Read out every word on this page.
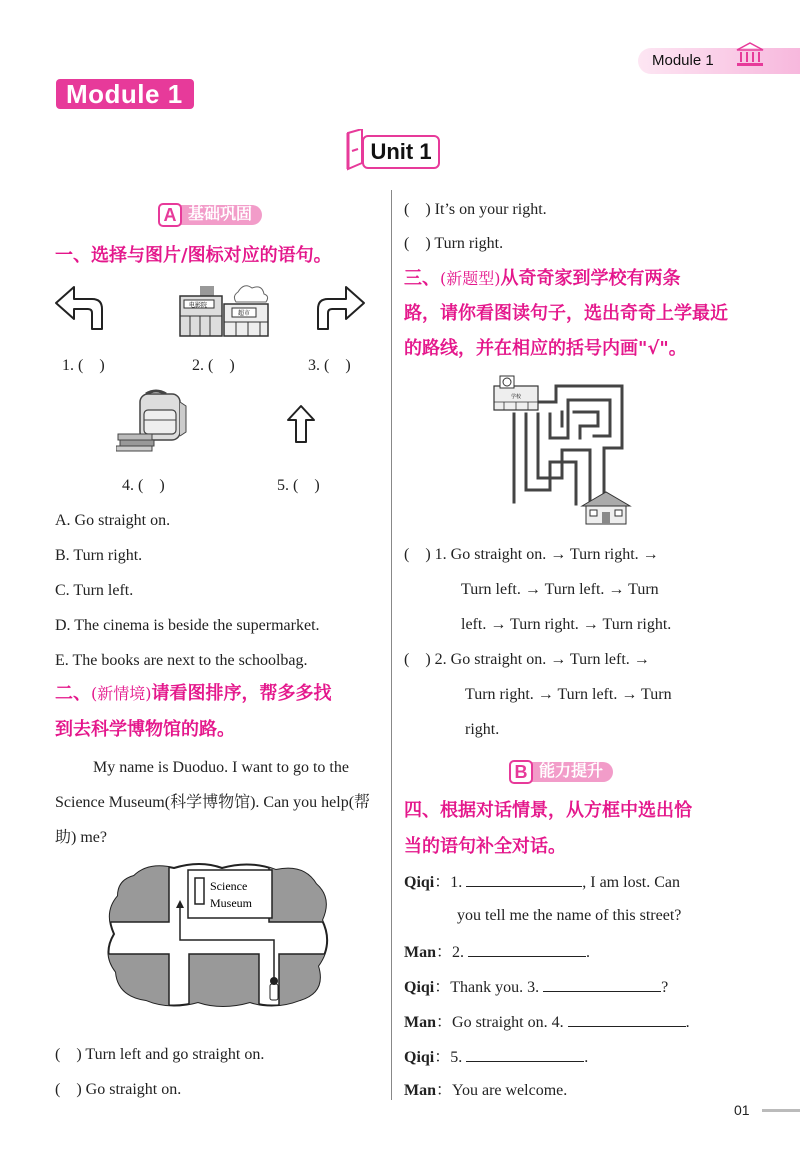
Module 1
Module 1
Unit 1
A 基础巩固
一、选择与图片/图标对应的语句。
电影院
超市
1. (　)	2. (　)	3. (　)
4. (　)	5. (　)
A. Go straight on.
B. Turn right.
C. Turn left.
D. The cinema is beside the supermarket.
E. The books are next to the schoolbag.
二、(新情境)请看图排序，帮多多找
到去科学博物馆的路。
My name is Duoduo. I want to go to the Science Museum(科学博物馆). Can you help(帮助) me?
Science
Museum
(　) Turn left and go straight on.
(　) Go straight on.
(　) It’s on your right.
(　) Turn right.
三、(新题型)从奇奇家到学校有两条
路，请你看图读句子，选出奇奇上学最近
的路线，并在相应的括号内画"√"。
学校
(　) 1. Go straight on. → Turn right. →
Turn left. → Turn left. → Turn
left. → Turn right. → Turn right.
(　) 2. Go straight on. → Turn left. →
Turn right. → Turn left. → Turn
right.
B 能力提升
四、根据对话情景，从方框中选出恰
当的语句补全对话。
Qiqi：1.	, I am lost. Can
you tell me the name of this street?
Man：2.	.
Qiqi：Thank you. 3.	?
Man：Go straight on. 4.	.
Qiqi：5.	.
Man：You are welcome.
01
